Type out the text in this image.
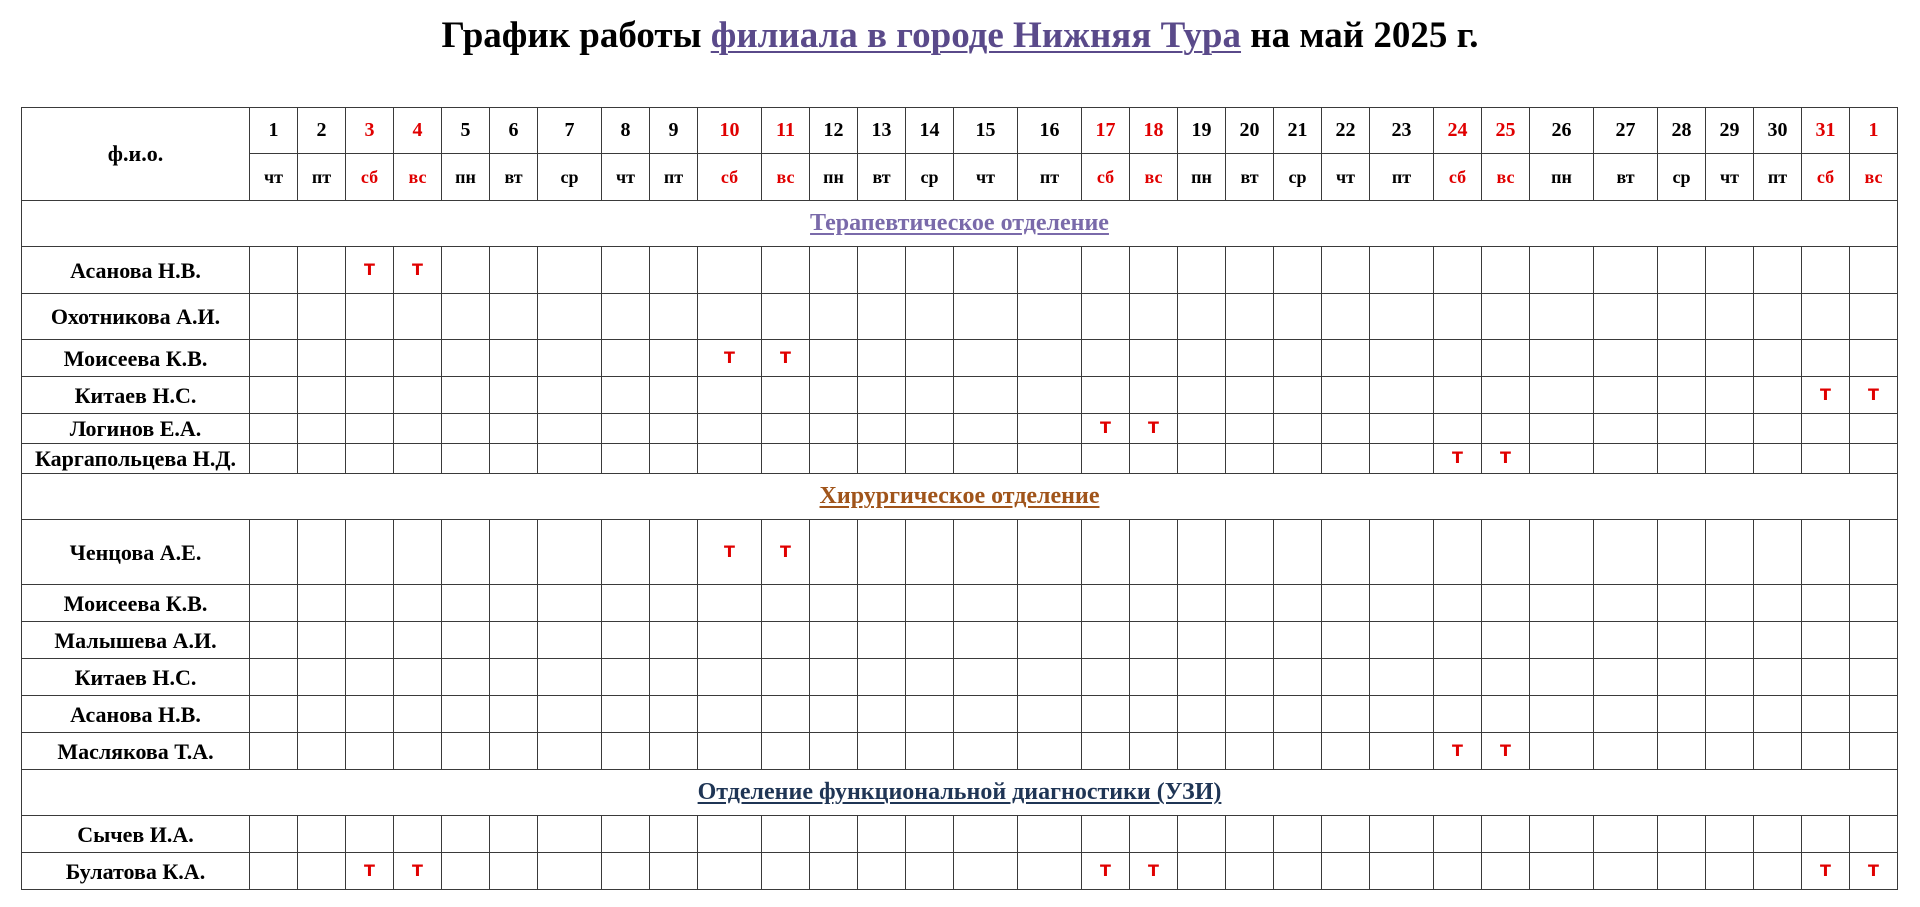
График работы филиала в городе Нижняя Тура на май 2025 г.
ф.и.о.	1	2	3	4	5	6	7	8	9	10	11	12	13	14	15	16	17	18	19	20	21	22	23	24	25	26	27	28	29	30	31	1
	чт	пт	сб	вс	пн	вт	ср	чт	пт	сб	вс	пн	вт	ср	чт	пт	сб	вс	пн	вт	ср	чт	пт	сб	вс	пн	вт	ср	чт	пт	сб	вс
Терапевтическое отделение																																
Асанова Н.В.			T	T																												
Охотникова А.И.																																
Моисеева К.В.										T	T																					
Китаев Н.С.																															T	T
Логинов Е.А.																	T	T														
Каргапольцева Н.Д.																								T	T							
Хирургическое отделение																																
Ченцова А.Е.										T	T																					
Моисеева К.В.																																
Малышева А.И.																																
Китаев Н.С.																																
Асанова Н.В.																																
Маслякова Т.А.																								T	T							
Отделение функциональной диагностики (УЗИ)																																
Сычев И.А.																																
Булатова К.А.			T	T													T	T													T	T
